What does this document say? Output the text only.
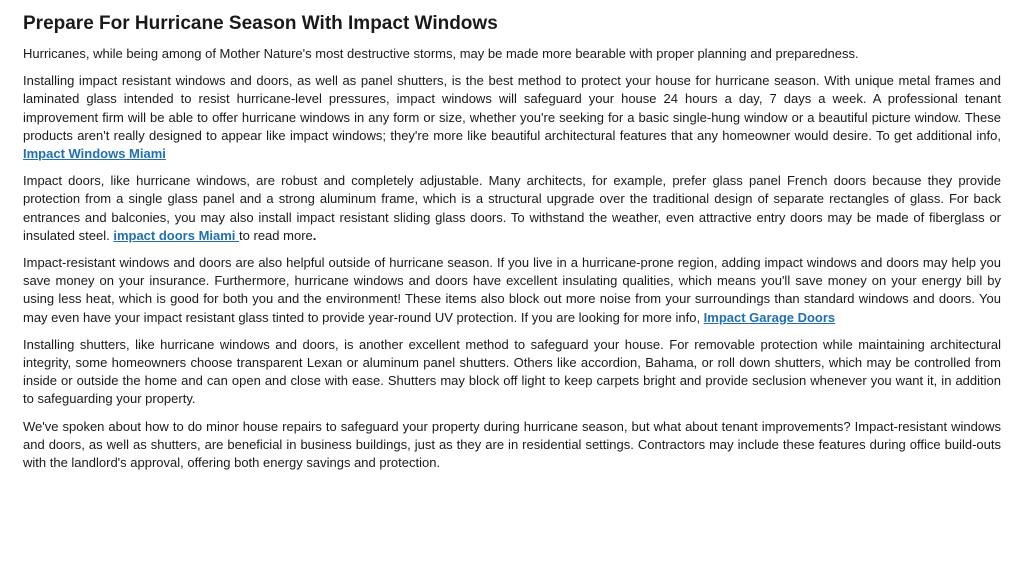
Prepare For Hurricane Season With Impact Windows

Hurricanes, while being among of Mother Nature's most destructive storms, may be made more bearable with proper planning and preparedness.

Installing impact resistant windows and doors, as well as panel shutters, is the best method to protect your house for hurricane season. With unique metal frames and laminated glass intended to resist hurricane-level pressures, impact windows will safeguard your house 24 hours a day, 7 days a week. A professional tenant improvement firm will be able to offer hurricane windows in any form or size, whether you're seeking for a basic single-hung window or a beautiful picture window. These products aren't really designed to appear like impact windows; they're more like beautiful architectural features that any homeowner would desire. To get additional info, Impact Windows Miami

Impact doors, like hurricane windows, are robust and completely adjustable. Many architects, for example, prefer glass panel French doors because they provide protection from a single glass panel and a strong aluminum frame, which is a structural upgrade over the traditional design of separate rectangles of glass. For back entrances and balconies, you may also install impact resistant sliding glass doors. To withstand the weather, even attractive entry doors may be made of fiberglass or insulated steel. impact doors Miami to read more.

Impact-resistant windows and doors are also helpful outside of hurricane season. If you live in a hurricane-prone region, adding impact windows and doors may help you save money on your insurance. Furthermore, hurricane windows and doors have excellent insulating qualities, which means you'll save money on your energy bill by using less heat, which is good for both you and the environment! These items also block out more noise from your surroundings than standard windows and doors. You may even have your impact resistant glass tinted to provide year-round UV protection. If you are looking for more info, Impact Garage Doors

Installing shutters, like hurricane windows and doors, is another excellent method to safeguard your house. For removable protection while maintaining architectural integrity, some homeowners choose transparent Lexan or aluminum panel shutters. Others like accordion, Bahama, or roll down shutters, which may be controlled from inside or outside the home and can open and close with ease. Shutters may block off light to keep carpets bright and provide seclusion whenever you want it, in addition to safeguarding your property.

We've spoken about how to do minor house repairs to safeguard your property during hurricane season, but what about tenant improvements? Impact-resistant windows and doors, as well as shutters, are beneficial in business buildings, just as they are in residential settings. Contractors may include these features during office build-outs with the landlord's approval, offering both energy savings and protection.
